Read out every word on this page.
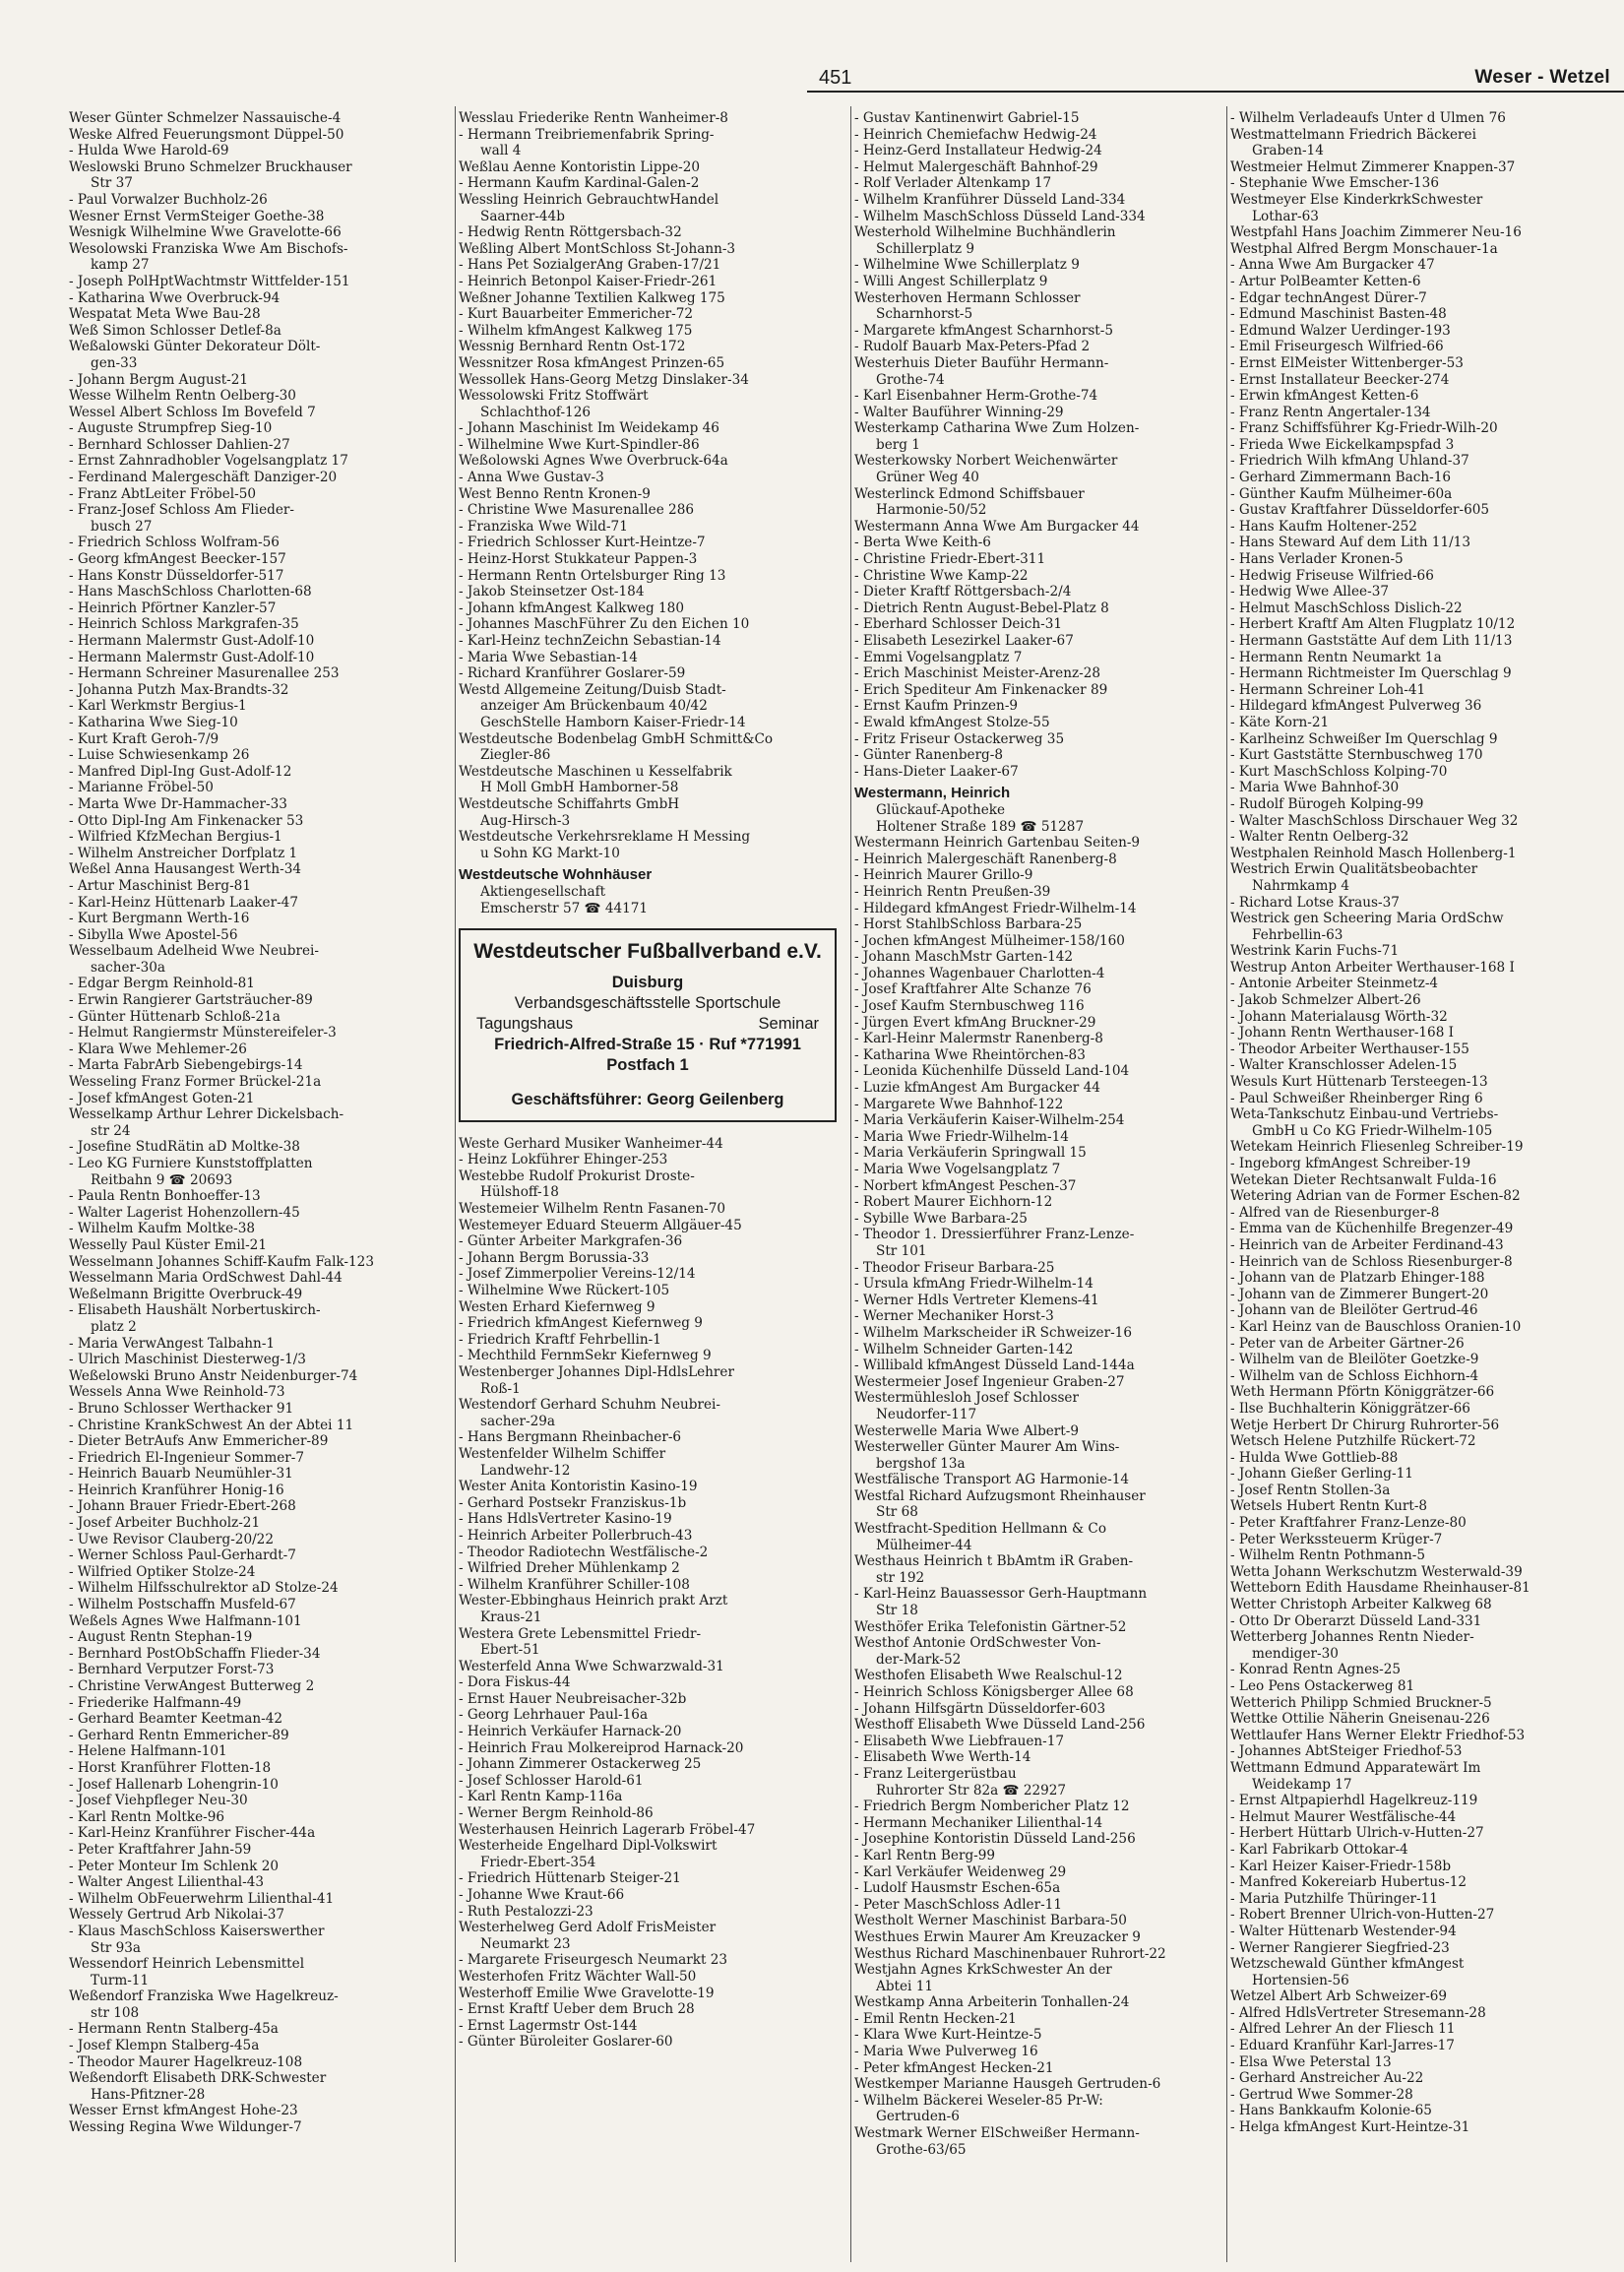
451	Weser - Wetzel
Weser Günter Schmelzer Nassauische-4
Weske Alfred Feuerungsmont Düppel-50
- Hulda Wwe Harold-69
Weslowski Bruno Schmelzer Bruckhauser
Str 37
- Paul Vorwalzer Buchholz-26
Wesner Ernst VermSteiger Goethe-38
Wesnigk Wilhelmine Wwe Gravelotte-66
Wesolowski Franziska Wwe Am Bischofs-
kamp 27
- Joseph PolHptWachtmstr Wittfelder-151
- Katharina Wwe Overbruck-94
Wespatat Meta Wwe Bau-28
Weß Simon Schlosser Detlef-8a
Weßalowski Günter Dekorateur Dölt-
gen-33
- Johann Bergm August-21
Wesse Wilhelm Rentn Oelberg-30
Wessel Albert Schloss Im Bovefeld 7
- Auguste Strumpfrep Sieg-10
- Bernhard Schlosser Dahlien-27
- Ernst Zahnradhobler Vogelsangplatz 17
- Ferdinand Malergeschäft Danziger-20
- Franz AbtLeiter Fröbel-50
- Franz-Josef Schloss Am Flieder-
busch 27
- Friedrich Schloss Wolfram-56
- Georg kfmAngest Beecker-157
- Hans Konstr Düsseldorfer-517
- Hans MaschSchloss Charlotten-68
- Heinrich Pförtner Kanzler-57
- Heinrich Schloss Markgrafen-35
- Hermann Malermstr Gust-Adolf-10
- Hermann Malermstr Gust-Adolf-10
- Hermann Schreiner Masurenallee 253
- Johanna Putzh Max-Brandts-32
- Karl Werkmstr Bergius-1
- Katharina Wwe Sieg-10
- Kurt Kraft Geroh-7/9
- Luise Schwiesenkamp 26
- Manfred Dipl-Ing Gust-Adolf-12
- Marianne Fröbel-50
- Marta Wwe Dr-Hammacher-33
- Otto Dipl-Ing Am Finkenacker 53
- Wilfried KfzMechan Bergius-1
- Wilhelm Anstreicher Dorfplatz 1
Weßel Anna Hausangest Werth-34
- Artur Maschinist Berg-81
- Karl-Heinz Hüttenarb Laaker-47
- Kurt Bergmann Werth-16
- Sibylla Wwe Apostel-56
Wesselbaum Adelheid Wwe Neubrei-
sacher-30a
- Edgar Bergm Reinhold-81
- Erwin Rangierer Gartsträucher-89
- Günter Hüttenarb Schloß-21a
- Helmut Rangiermstr Münstereifeler-3
- Klara Wwe Mehlemer-26
- Marta FabrArb Siebengebirgs-14
Wesseling Franz Former Brückel-21a
- Josef kfmAngest Goten-21
Wesselkamp Arthur Lehrer Dickelsbach-
str 24
- Josefine StudRätin aD Moltke-38
- Leo KG Furniere Kunststoffplatten
Reitbahn 9 ☎ 20693
- Paula Rentn Bonhoeffer-13
- Walter Lagerist Hohenzollern-45
- Wilhelm Kaufm Moltke-38
Wesselly Paul Küster Emil-21
Wesselmann Johannes Schiff-Kaufm Falk-123
Wesselmann Maria OrdSchwest Dahl-44
Weßelmann Brigitte Overbruck-49
- Elisabeth Haushält Norbertuskirch-
platz 2
- Maria VerwAngest Talbahn-1
- Ulrich Maschinist Diesterweg-1/3
Weßelowski Bruno Anstr Neidenburger-74
Wessels Anna Wwe Reinhold-73
- Bruno Schlosser Werthacker 91
- Christine KrankSchwest An der Abtei 11
- Dieter BetrAufs Anw Emmericher-89
- Friedrich El-Ingenieur Sommer-7
- Heinrich Bauarb Neumühler-31
- Heinrich Kranführer Honig-16
- Johann Brauer Friedr-Ebert-268
- Josef Arbeiter Buchholz-21
- Uwe Revisor Clauberg-20/22
- Werner Schloss Paul-Gerhardt-7
- Wilfried Optiker Stolze-24
- Wilhelm Hilfsschulrektor aD Stolze-24
- Wilhelm Postschaffn Musfeld-67
Weßels Agnes Wwe Halfmann-101
- August Rentn Stephan-19
- Bernhard PostObSchaffn Flieder-34
- Bernhard Verputzer Forst-73
- Christine VerwAngest Butterweg 2
- Friederike Halfmann-49
- Gerhard Beamter Keetman-42
- Gerhard Rentn Emmericher-89
- Helene Halfmann-101
- Horst Kranführer Flotten-18
- Josef Hallenarb Lohengrin-10
- Josef Viehpfleger Neu-30
- Karl Rentn Moltke-96
- Karl-Heinz Kranführer Fischer-44a
- Peter Kraftfahrer Jahn-59
- Peter Monteur Im Schlenk 20
- Walter Angest Lilienthal-43
- Wilhelm ObFeuerwehrm Lilienthal-41
Wessely Gertrud Arb Nikolai-37
- Klaus MaschSchloss Kaiserswerther
Str 93a
Wessendorf Heinrich Lebensmittel
Turm-11
Weßendorf Franziska Wwe Hagelkreuz-
str 108
- Hermann Rentn Stalberg-45a
- Josef Klempn Stalberg-45a
- Theodor Maurer Hagelkreuz-108
Weßendorft Elisabeth DRK-Schwester
Hans-Pfitzner-28
Wesser Ernst kfmAngest Hohe-23
Wessing Regina Wwe Wildunger-7
Wesslau Friederike Rentn Wanheimer-8
- Hermann Treibriemenfabrik Spring-
wall 4
Weßlau Aenne Kontoristin Lippe-20
- Hermann Kaufm Kardinal-Galen-2
Wessling Heinrich GebrauchtwHandel
Saarner-44b
- Hedwig Rentn Röttgersbach-32
Weßling Albert MontSchloss St-Johann-3
- Hans Pet SozialgerAng Graben-17/21
- Heinrich Betonpol Kaiser-Friedr-261
Weßner Johanne Textilien Kalkweg 175
- Kurt Bauarbeiter Emmericher-72
- Wilhelm kfmAngest Kalkweg 175
Wessnig Bernhard Rentn Ost-172
Wessnitzer Rosa kfmAngest Prinzen-65
Wessollek Hans-Georg Metzg Dinslaker-34
Wessolowski Fritz Stoffwärt
Schlachthof-126
- Johann Maschinist Im Weidekamp 46
- Wilhelmine Wwe Kurt-Spindler-86
Weßolowski Agnes Wwe Overbruck-64a
- Anna Wwe Gustav-3
West Benno Rentn Kronen-9
- Christine Wwe Masurenallee 286
- Franziska Wwe Wild-71
- Friedrich Schlosser Kurt-Heintze-7
- Heinz-Horst Stukkateur Pappen-3
- Hermann Rentn Ortelsburger Ring 13
- Jakob Steinsetzer Ost-184
- Johann kfmAngest Kalkweg 180
- Johannes MaschFührer Zu den Eichen 10
- Karl-Heinz technZeichn Sebastian-14
- Maria Wwe Sebastian-14
- Richard Kranführer Goslarer-59
Westd Allgemeine Zeitung/Duisb Stadt-
anzeiger Am Brückenbaum 40/42
GeschStelle Hamborn Kaiser-Friedr-14
Westdeutsche Bodenbelag GmbH Schmitt&Co
Ziegler-86
Westdeutsche Maschinen u Kesselfabrik
H Moll GmbH Hamborner-58
Westdeutsche Schiffahrts GmbH
Aug-Hirsch-3
Westdeutsche Verkehrsreklame H Messing
u Sohn KG Markt-10
Westdeutsche Wohnhäuser
Aktiengesellschaft
Emscherstr 57 ☎ 44171
Westdeutscher Fußballverband e.V.
Duisburg
Verbandsgeschäftsstelle Sportschule
Tagungshaus	Seminar
Friedrich-Alfred-Straße 15 · Ruf *771991
Postfach 1
Geschäftsführer: Georg Geilenberg
Weste Gerhard Musiker Wanheimer-44
- Heinz Lokführer Ehinger-253
Westebbe Rudolf Prokurist Droste-
Hülshoff-18
Westemeier Wilhelm Rentn Fasanen-70
Westemeyer Eduard Steuerm Allgäuer-45
- Günter Arbeiter Markgrafen-36
- Johann Bergm Borussia-33
- Josef Zimmerpolier Vereins-12/14
- Wilhelmine Wwe Rückert-105
Westen Erhard Kiefernweg 9
- Friedrich kfmAngest Kiefernweg 9
- Friedrich Kraftf Fehrbellin-1
- Mechthild FernmSekr Kiefernweg 9
Westenberger Johannes Dipl-HdlsLehrer
Roß-1
Westendorf Gerhard Schuhm Neubrei-
sacher-29a
- Hans Bergmann Rheinbacher-6
Westenfelder Wilhelm Schiffer
Landwehr-12
Wester Anita Kontoristin Kasino-19
- Gerhard Postsekr Franziskus-1b
- Hans HdlsVertreter Kasino-19
- Heinrich Arbeiter Pollerbruch-43
- Theodor Radiotechn Westfälische-2
- Wilfried Dreher Mühlenkamp 2
- Wilhelm Kranführer Schiller-108
Wester-Ebbinghaus Heinrich prakt Arzt
Kraus-21
Westera Grete Lebensmittel Friedr-
Ebert-51
Westerfeld Anna Wwe Schwarzwald-31
- Dora Fiskus-44
- Ernst Hauer Neubreisacher-32b
- Georg Lehrhauer Paul-16a
- Heinrich Verkäufer Harnack-20
- Heinrich Frau Molkereiprod Harnack-20
- Johann Zimmerer Ostackerweg 25
- Josef Schlosser Harold-61
- Karl Rentn Kamp-116a
- Werner Bergm Reinhold-86
Westerhausen Heinrich Lagerarb Fröbel-47
Westerheide Engelhard Dipl-Volkswirt
Friedr-Ebert-354
- Friedrich Hüttenarb Steiger-21
- Johanne Wwe Kraut-66
- Ruth Pestalozzi-23
Westerhelweg Gerd Adolf FrisMeister
Neumarkt 23
- Margarete Friseurgesch Neumarkt 23
Westerhofen Fritz Wächter Wall-50
Westerhoff Emilie Wwe Gravelotte-19
- Ernst Kraftf Ueber dem Bruch 28
- Ernst Lagermstr Ost-144
- Günter Büroleiter Goslarer-60
- Gustav Kantinenwirt Gabriel-15
- Heinrich Chemiefachw Hedwig-24
- Heinz-Gerd Installateur Hedwig-24
- Helmut Malergeschäft Bahnhof-29
- Rolf Verlader Altenkamp 17
- Wilhelm Kranführer Düsseld Land-334
- Wilhelm MaschSchloss Düsseld Land-334
Westerhold Wilhelmine Buchhändlerin
Schillerplatz 9
- Wilhelmine Wwe Schillerplatz 9
- Willi Angest Schillerplatz 9
Westerhoven Hermann Schlosser
Scharnhorst-5
- Margarete kfmAngest Scharnhorst-5
- Rudolf Bauarb Max-Peters-Pfad 2
Westerhuis Dieter Bauführ Hermann-
Grothe-74
- Karl Eisenbahner Herm-Grothe-74
- Walter Bauführer Winning-29
Westerkamp Catharina Wwe Zum Holzen-
berg 1
Westerkowsky Norbert Weichenwärter
Grüner Weg 40
Westerlinck Edmond Schiffsbauer
Harmonie-50/52
Westermann Anna Wwe Am Burgacker 44
- Berta Wwe Keith-6
- Christine Friedr-Ebert-311
- Christine Wwe Kamp-22
- Dieter Kraftf Röttgersbach-2/4
- Dietrich Rentn August-Bebel-Platz 8
- Eberhard Schlosser Deich-31
- Elisabeth Lesezirkel Laaker-67
- Emmi Vogelsangplatz 7
- Erich Maschinist Meister-Arenz-28
- Erich Spediteur Am Finkenacker 89
- Ernst Kaufm Prinzen-9
- Ewald kfmAngest Stolze-55
- Fritz Friseur Ostackerweg 35
- Günter Ranenberg-8
- Hans-Dieter Laaker-67
Westermann, Heinrich
Glückauf-Apotheke
Holtener Straße 189 ☎ 51287
Westermann Heinrich Gartenbau Seiten-9
- Heinrich Malergeschäft Ranenberg-8
- Heinrich Maurer Grillo-9
- Heinrich Rentn Preußen-39
- Hildegard kfmAngest Friedr-Wilhelm-14
- Horst StahlbSchloss Barbara-25
- Jochen kfmAngest Mülheimer-158/160
- Johann MaschMstr Garten-142
- Johannes Wagenbauer Charlotten-4
- Josef Kraftfahrer Alte Schanze 76
- Josef Kaufm Sternbuschweg 116
- Jürgen Evert kfmAng Bruckner-29
- Karl-Heinr Malermstr Ranenberg-8
- Katharina Wwe Rheintörchen-83
- Leonida Küchenhilfe Düsseld Land-104
- Luzie kfmAngest Am Burgacker 44
- Margarete Wwe Bahnhof-122
- Maria Verkäuferin Kaiser-Wilhelm-254
- Maria Wwe Friedr-Wilhelm-14
- Maria Verkäuferin Springwall 15
- Maria Wwe Vogelsangplatz 7
- Norbert kfmAngest Peschen-37
- Robert Maurer Eichhorn-12
- Sybille Wwe Barbara-25
- Theodor 1. Dressierführer Franz-Lenze-
Str 101
- Theodor Friseur Barbara-25
- Ursula kfmAng Friedr-Wilhelm-14
- Werner Hdls Vertreter Klemens-41
- Werner Mechaniker Horst-3
- Wilhelm Markscheider iR Schweizer-16
- Wilhelm Schneider Garten-142
- Willibald kfmAngest Düsseld Land-144a
Westermeier Josef Ingenieur Graben-27
Westermühlesloh Josef Schlosser
Neudorfer-117
Westerwelle Maria Wwe Albert-9
Westerweller Günter Maurer Am Wins-
bergshof 13a
Westfälische Transport AG Harmonie-14
Westfal Richard Aufzugsmont Rheinhauser
Str 68
Westfracht-Spedition Hellmann & Co
Mülheimer-44
Westhaus Heinrich t BbAmtm iR Graben-
str 192
- Karl-Heinz Bauassessor Gerh-Hauptmann
Str 18
Westhöfer Erika Telefonistin Gärtner-52
Westhof Antonie OrdSchwester Von-
der-Mark-52
Westhofen Elisabeth Wwe Realschul-12
- Heinrich Schloss Königsberger Allee 68
- Johann Hilfsgärtn Düsseldorfer-603
Westhoff Elisabeth Wwe Düsseld Land-256
- Elisabeth Wwe Liebfrauen-17
- Elisabeth Wwe Werth-14
- Franz Leitergerüstbau
Ruhrorter Str 82a ☎ 22927
- Friedrich Bergm Nombericher Platz 12
- Hermann Mechaniker Lilienthal-14
- Josephine Kontoristin Düsseld Land-256
- Karl Rentn Berg-99
- Karl Verkäufer Weidenweg 29
- Ludolf Hausmstr Eschen-65a
- Peter MaschSchloss Adler-11
Westholt Werner Maschinist Barbara-50
Westhues Erwin Maurer Am Kreuzacker 9
Westhus Richard Maschinenbauer Ruhrort-22
Westjahn Agnes KrkSchwester An der
Abtei 11
Westkamp Anna Arbeiterin Tonhallen-24
- Emil Rentn Hecken-21
- Klara Wwe Kurt-Heintze-5
- Maria Wwe Pulverweg 16
- Peter kfmAngest Hecken-21
Westkemper Marianne Hausgeh Gertruden-6
- Wilhelm Bäckerei Weseler-85 Pr-W:
Gertruden-6
Westmark Werner ElSchweißer Hermann-
Grothe-63/65
- Wilhelm Verladeaufs Unter d Ulmen 76
Westmattelmann Friedrich Bäckerei
Graben-14
Westmeier Helmut Zimmerer Knappen-37
- Stephanie Wwe Emscher-136
Westmeyer Else KinderkrkSchwester
Lothar-63
Westpfahl Hans Joachim Zimmerer Neu-16
Westphal Alfred Bergm Monschauer-1a
- Anna Wwe Am Burgacker 47
- Artur PolBeamter Ketten-6
- Edgar technAngest Dürer-7
- Edmund Maschinist Basten-48
- Edmund Walzer Uerdinger-193
- Emil Friseurgesch Wilfried-66
- Ernst ElMeister Wittenberger-53
- Ernst Installateur Beecker-274
- Erwin kfmAngest Ketten-6
- Franz Rentn Angertaler-134
- Franz Schiffsführer Kg-Friedr-Wilh-20
- Frieda Wwe Eickelkampspfad 3
- Friedrich Wilh kfmAng Uhland-37
- Gerhard Zimmermann Bach-16
- Günther Kaufm Mülheimer-60a
- Gustav Kraftfahrer Düsseldorfer-605
- Hans Kaufm Holtener-252
- Hans Steward Auf dem Lith 11/13
- Hans Verlader Kronen-5
- Hedwig Friseuse Wilfried-66
- Hedwig Wwe Allee-37
- Helmut MaschSchloss Dislich-22
- Herbert Kraftf Am Alten Flugplatz 10/12
- Hermann Gaststätte Auf dem Lith 11/13
- Hermann Rentn Neumarkt 1a
- Hermann Richtmeister Im Querschlag 9
- Hermann Schreiner Loh-41
- Hildegard kfmAngest Pulverweg 36
- Käte Korn-21
- Karlheinz Schweißer Im Querschlag 9
- Kurt Gaststätte Sternbuschweg 170
- Kurt MaschSchloss Kolping-70
- Maria Wwe Bahnhof-30
- Rudolf Bürogeh Kolping-99
- Walter MaschSchloss Dirschauer Weg 32
- Walter Rentn Oelberg-32
Westphalen Reinhold Masch Hollenberg-1
Westrich Erwin Qualitätsbeobachter
Nahrmkamp 4
- Richard Lotse Kraus-37
Westrick gen Scheering Maria OrdSchw
Fehrbellin-63
Westrink Karin Fuchs-71
Westrup Anton Arbeiter Werthauser-168 I
- Antonie Arbeiter Steinmetz-4
- Jakob Schmelzer Albert-26
- Johann Materialausg Wörth-32
- Johann Rentn Werthauser-168 I
- Theodor Arbeiter Werthauser-155
- Walter Kranschlosser Adelen-15
Wesuls Kurt Hüttenarb Tersteegen-13
- Paul Schweißer Rheinberger Ring 6
Weta-Tankschutz Einbau-und Vertriebs-
GmbH u Co KG Friedr-Wilhelm-105
Wetekam Heinrich Fliesenleg Schreiber-19
- Ingeborg kfmAngest Schreiber-19
Wetekan Dieter Rechtsanwalt Fulda-16
Wetering Adrian van de Former Eschen-82
- Alfred van de Riesenburger-8
- Emma van de Küchenhilfe Bregenzer-49
- Heinrich van de Arbeiter Ferdinand-43
- Heinrich van de Schloss Riesenburger-8
- Johann van de Platzarb Ehinger-188
- Johann van de Zimmerer Bungert-20
- Johann van de Bleilöter Gertrud-46
- Karl Heinz van de Bauschloss Oranien-10
- Peter van de Arbeiter Gärtner-26
- Wilhelm van de Bleilöter Goetzke-9
- Wilhelm van de Schloss Eichhorn-4
Weth Hermann Pförtn Königgrätzer-66
- Ilse Buchhalterin Königgrätzer-66
Wetje Herbert Dr Chirurg Ruhrorter-56
Wetsch Helene Putzhilfe Rückert-72
- Hulda Wwe Gottlieb-88
- Johann Gießer Gerling-11
- Josef Rentn Stollen-3a
Wetsels Hubert Rentn Kurt-8
- Peter Kraftfahrer Franz-Lenze-80
- Peter Werkssteuerm Krüger-7
- Wilhelm Rentn Pothmann-5
Wetta Johann Werkschutzm Westerwald-39
Wetteborn Edith Hausdame Rheinhauser-81
Wetter Christoph Arbeiter Kalkweg 68
- Otto Dr Oberarzt Düsseld Land-331
Wetterberg Johannes Rentn Nieder-
mendiger-30
- Konrad Rentn Agnes-25
- Leo Pens Ostackerweg 81
Wetterich Philipp Schmied Bruckner-5
Wettke Ottilie Näherin Gneisenau-226
Wettlaufer Hans Werner Elektr Friedhof-53
- Johannes AbtSteiger Friedhof-53
Wettmann Edmund Apparatewärt Im
Weidekamp 17
- Ernst Altpapierhdl Hagelkreuz-119
- Helmut Maurer Westfälische-44
- Herbert Hüttarb Ulrich-v-Hutten-27
- Karl Fabrikarb Ottokar-4
- Karl Heizer Kaiser-Friedr-158b
- Manfred Kokereiarb Hubertus-12
- Maria Putzhilfe Thüringer-11
- Robert Brenner Ulrich-von-Hutten-27
- Walter Hüttenarb Westender-94
- Werner Rangierer Siegfried-23
Wetzschewald Günther kfmAngest
Hortensien-56
Wetzel Albert Arb Schweizer-69
- Alfred HdlsVertreter Stresemann-28
- Alfred Lehrer An der Fliesch 11
- Eduard Kranführ Karl-Jarres-17
- Elsa Wwe Peterstal 13
- Gerhard Anstreicher Au-22
- Gertrud Wwe Sommer-28
- Hans Bankkaufm Kolonie-65
- Helga kfmAngest Kurt-Heintze-31
